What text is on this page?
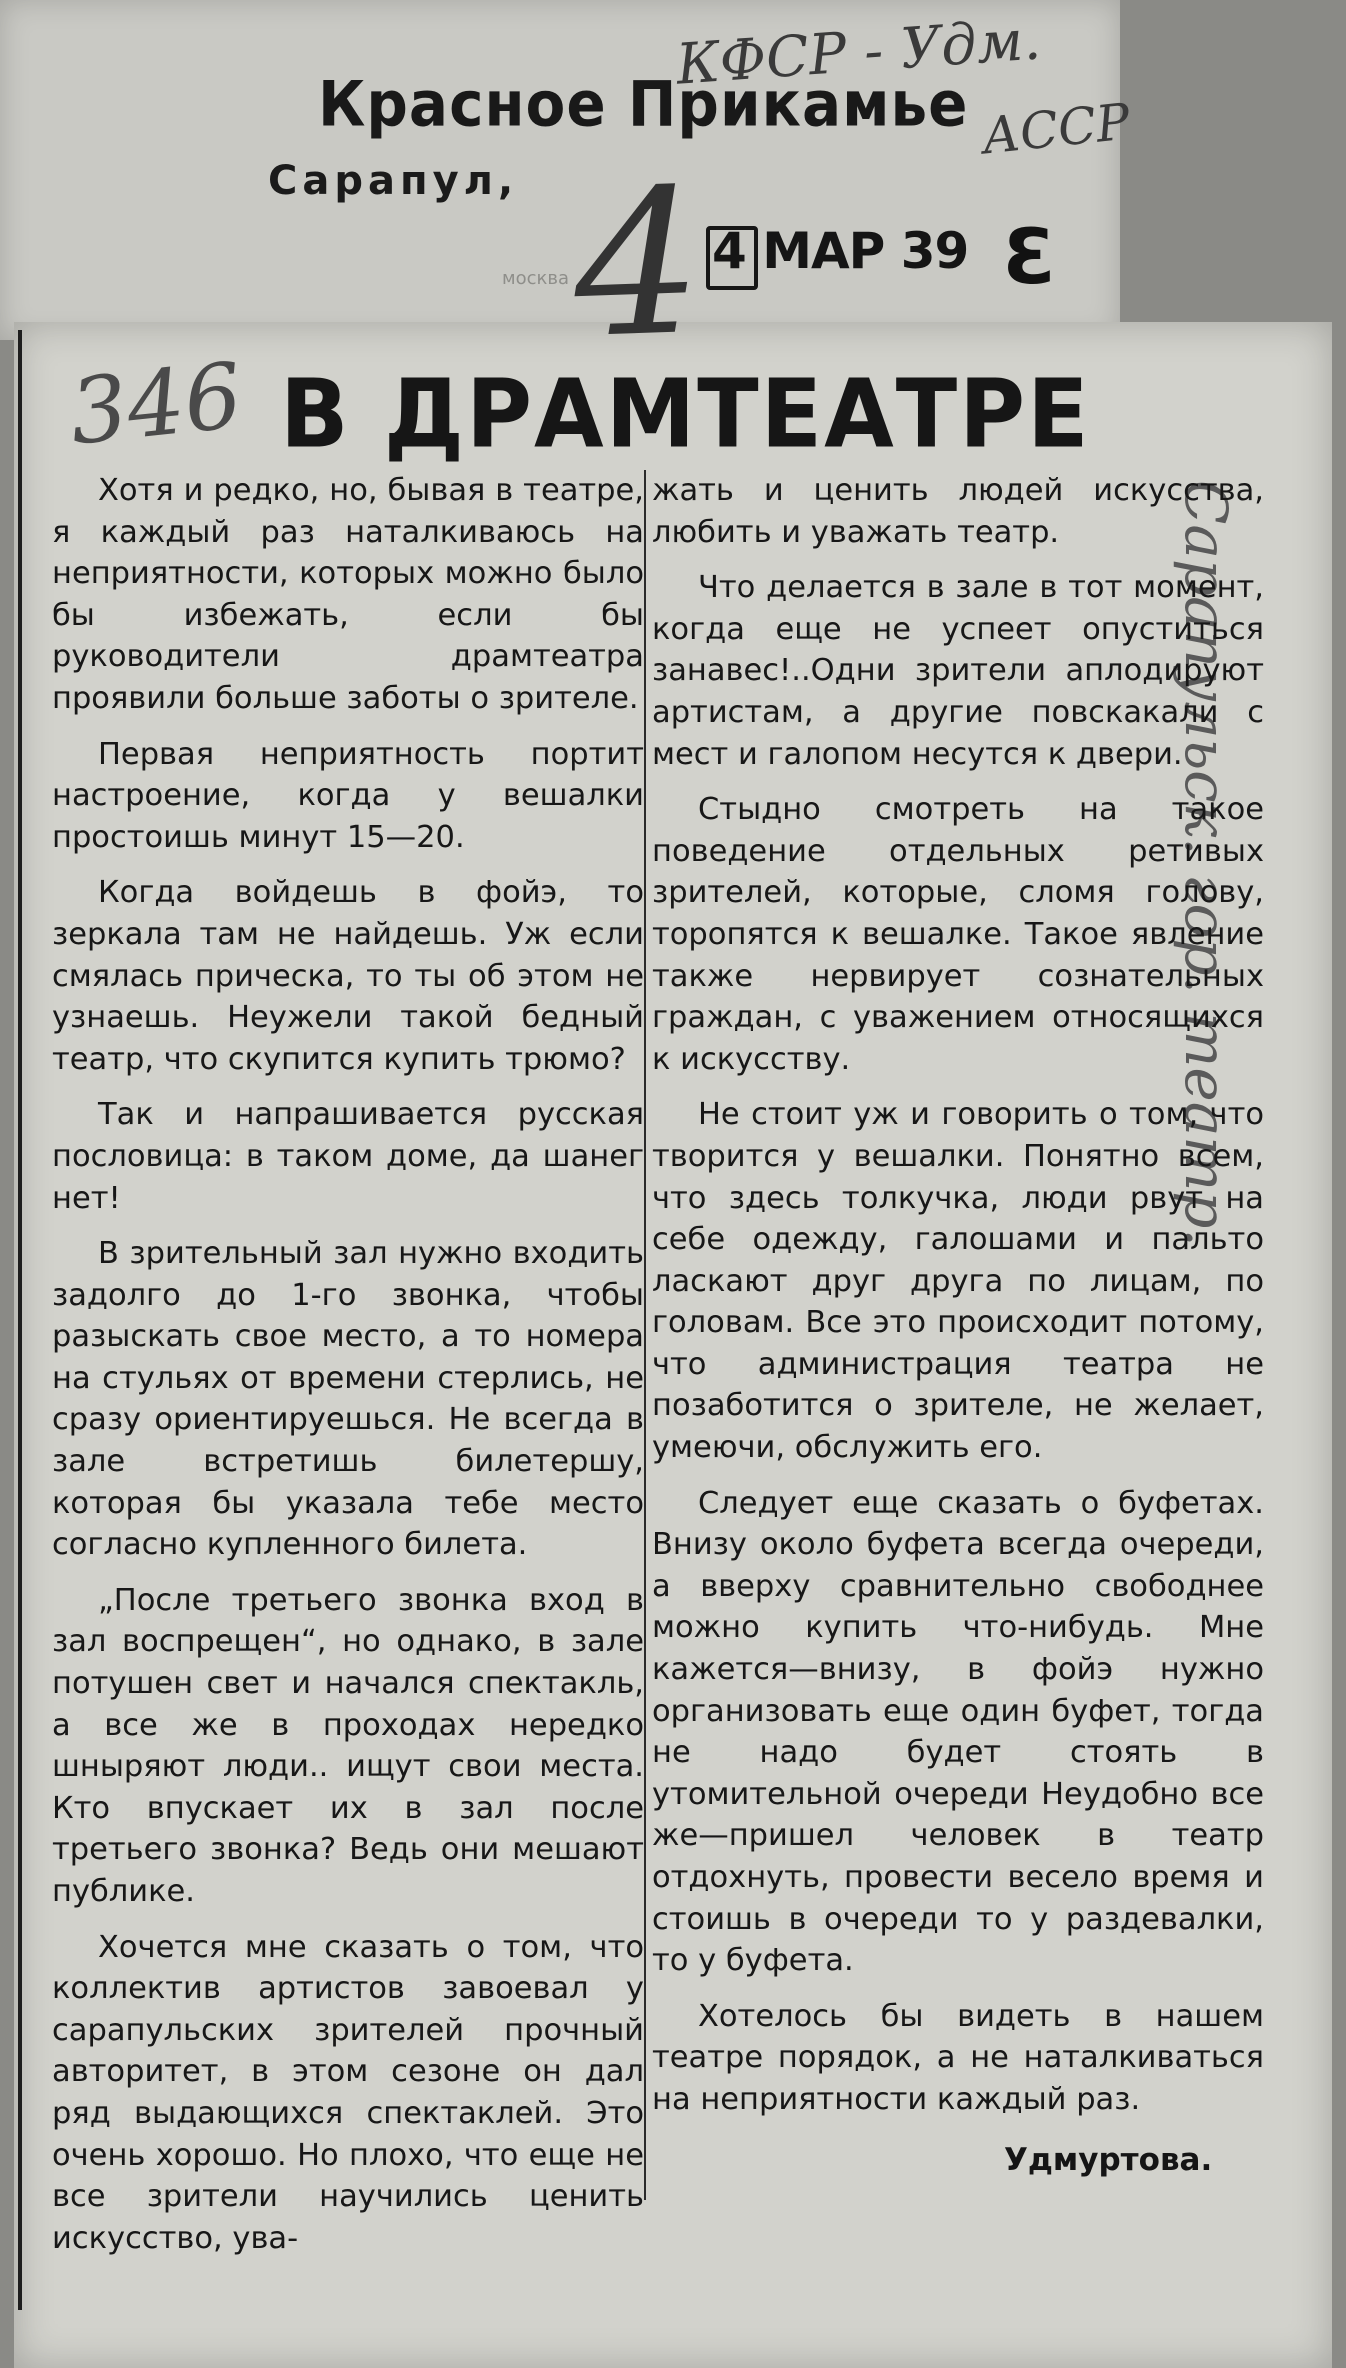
Красное Прикамье
Сарапул,
4 МАР 39 3
москва
КФСР - Удм.
АССР
4
346
Сарапульск. гор. театр.
В ДРАМТЕАТРЕ

Хотя и редко, но, бывая в театре, я каждый раз наталкиваюсь на неприятности, которых можно было бы избежать, если бы руководители драмтеатра проявили больше заботы о зрителе.

Первая неприятность портит настроение, когда у вешалки простоишь минут 15—20.

Когда войдешь в фойэ, то зеркала там не найдешь. Уж если смялась прическа, то ты об этом не узнаешь. Неужели такой бедный театр, что скупится купить трюмо?

Так и напрашивается русская пословица: в таком доме, да шанег нет!

В зрительный зал нужно входить задолго до 1-го звонка, чтобы разыскать свое место, а то номера на стульях от времени стерлись, не сразу ориентируешься. Не всегда в зале встретишь билетершу, которая бы указала тебе место согласно купленного билета.

„После третьего звонка вход в зал воспрещен“, но однако, в зале потушен свет и начался спектакль, а все же в проходах нередко шныряют люди.. ищут свои места. Кто впускает их в зал после третьего звонка? Ведь они мешают публике.

Хочется мне сказать о том, что коллектив артистов завоевал у сарапульских зрителей прочный авторитет, в этом сезоне он дал ряд выдающихся спектаклей. Это очень хорошо. Но плохо, что еще не все зрители научились ценить искусство, ува-

жать и ценить людей искусства, любить и уважать театр.

Что делается в зале в тот момент, когда еще не успеет опуститься занавес!..Одни зрители аплодируют артистам, а другие повскакали с мест и галопом несутся к двери.

Стыдно смотреть на такое поведение отдельных ретивых зрителей, которые, сломя голову, торопятся к вешалке. Такое явление также нервирует сознательных граждан, с уважением относящихся к искусству.

Не стоит уж и говорить о том, что творится у вешалки. Понятно всем, что здесь толкучка, люди рвут на себе одежду, галошами и пальто ласкают друг друга по лицам, по головам. Все это происходит потому, что администрация театра не позаботится о зрителе, не желает, умеючи, обслужить его.

Следует еще сказать о буфетах. Внизу около буфета всегда очереди, а вверху сравнительно свободнее можно купить что-нибудь. Мне кажется—внизу, в фойэ нужно организовать еще один буфет, тогда не надо будет стоять в утомительной очереди Неудобно все же—пришел человек в театр отдохнуть, провести весело время и стоишь в очереди то у раздевалки, то у буфета.

Хотелось бы видеть в нашем театре порядок, а не наталкиваться на неприятности каждый раз.

Удмуртова.
